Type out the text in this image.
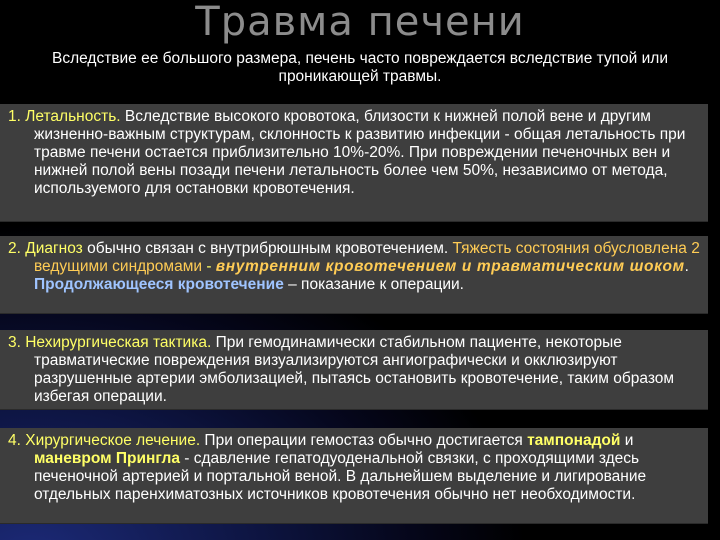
Травма печени
Вследствие ее большого размера, печень часто повреждается вследствие тупой или проникающей травмы.

1. Летальность. Вследствие высокого кровотока, близости к нижней полой вене и другим жизненно-важным структурам, склонность к развитию инфекции - общая летальность при травме печени остается приблизительно 10%-20%. При повреждении печеночных вен и нижней полой вены позади печени летальность более чем 50%, независимо от метода, используемого для остановки кровотечения.

2. Диагноз обычно связан с внутрибрюшным кровотечением. Тяжесть состояния обусловлена 2 ведущими синдромами - внутренним кровотечением и травматическим шоком. Продолжающееся кровотечение – показание к операции.

3. Нехирургическая тактика. При гемодинамически стабильном пациенте, некоторые травматические повреждения визуализируются ангиографически и окклюзируют разрушенные артерии эмболизацией, пытаясь остановить кровотечение, таким образом избегая операции.

4. Хирургическое лечение. При операции гемостаз обычно достигается тампонадой и маневром Прингла - сдавление гепатодуоденальной связки, с проходящими здесь печеночной артерией и портальной веной. В дальнейшем выделение и лигирование отдельных паренхиматозных источников кровотечения обычно нет необходимости.
